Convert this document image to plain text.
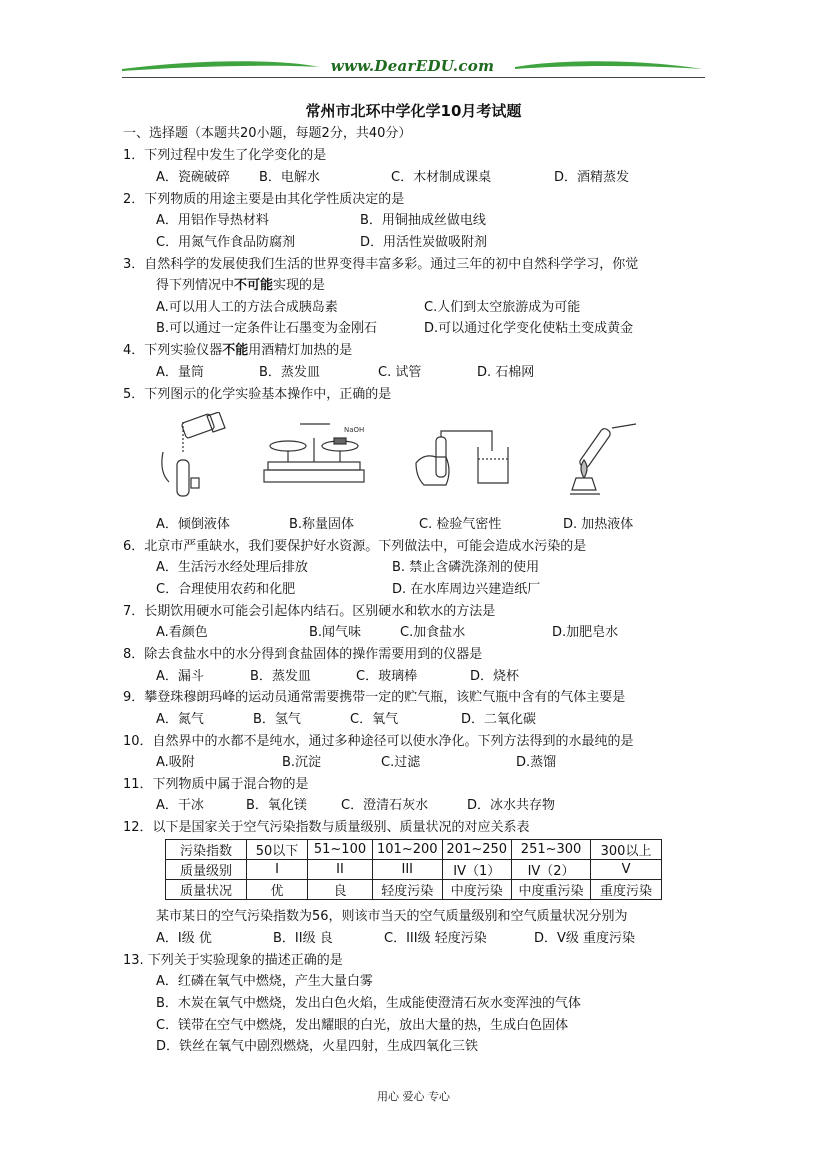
www.DearEDU.com
常州市北环中学化学10月考试题
一、选择题（本题共20小题，每题2分，共40分）
1．下列过程中发生了化学变化的是
A．瓷碗破碎 B．电解水	C．木材制成课桌	D．酒精蒸发
2．下列物质的用途主要是由其化学性质决定的是
A．用铝作导热材料	B．用铜抽成丝做电线
C．用氮气作食品防腐剂	D．用活性炭做吸附剂
3．自然科学的发展使我们生活的世界变得丰富多彩。通过三年的初中自然科学学习，你觉
得下列情况中不可能实现的是
A.可以用人工的方法合成胰岛素	C.人们到太空旅游成为可能
B.可以通过一定条件让石墨变为金刚石	D.可以通过化学变化使粘土变成黄金
4．下列实验仪器不能用酒精灯加热的是
A．量筒	B．蒸发皿	C. 试管	D. 石棉网
5．下列图示的化学实验基本操作中，正确的是
NaOH
A．倾倒液体	B.称量固体	C. 检验气密性	D. 加热液体
6．北京市严重缺水，我们要保护好水资源。下列做法中，可能会造成水污染的是
A．生活污水经处理后排放	B. 禁止含磷洗涤剂的使用
C．合理使用农药和化肥	D. 在水库周边兴建造纸厂
7．长期饮用硬水可能会引起体内结石。区别硬水和软水的方法是
A.看颜色	B.闻气味	C.加食盐水	D.加肥皂水
8．除去食盐水中的水分得到食盐固体的操作需要用到的仪器是
A．漏斗	B．蒸发皿	C．玻璃棒	D．烧杯
9．攀登珠穆朗玛峰的运动员通常需要携带一定的贮气瓶，该贮气瓶中含有的气体主要是
A．氮气	B．氢气	C．氧气	D．二氧化碳
10．自然界中的水都不是纯水，通过多种途径可以使水净化。下列方法得到的水最纯的是
A.吸附	B.沉淀	C.过滤	D.蒸馏
11．下列物质中属于混合物的是
A．干冰	B．氧化镁	C．澄清石灰水	D．冰水共存物
12．以下是国家关于空气污染指数与质量级别、质量状况的对应关系表
污染指数	50以下	51~100	101~200	201~250	251~300	300以上
质量级别	I	II	III	IV（1）	IV（2）	V
质量状况	优	良	轻度污染	中度污染	中度重污染	重度污染
某市某日的空气污染指数为56，则该市当天的空气质量级别和空气质量状况分别为
A．I级 优	B．II级 良	C．III级 轻度污染	D．V级 重度污染
13. 下列关于实验现象的描述正确的是
A．红磷在氧气中燃烧，产生大量白雾
B．木炭在氧气中燃烧，发出白色火焰，生成能使澄清石灰水变浑浊的气体
C．镁带在空气中燃烧，发出耀眼的白光，放出大量的热，生成白色固体
D．铁丝在氧气中剧烈燃烧，火星四射，生成四氧化三铁
用心 爱心 专心
